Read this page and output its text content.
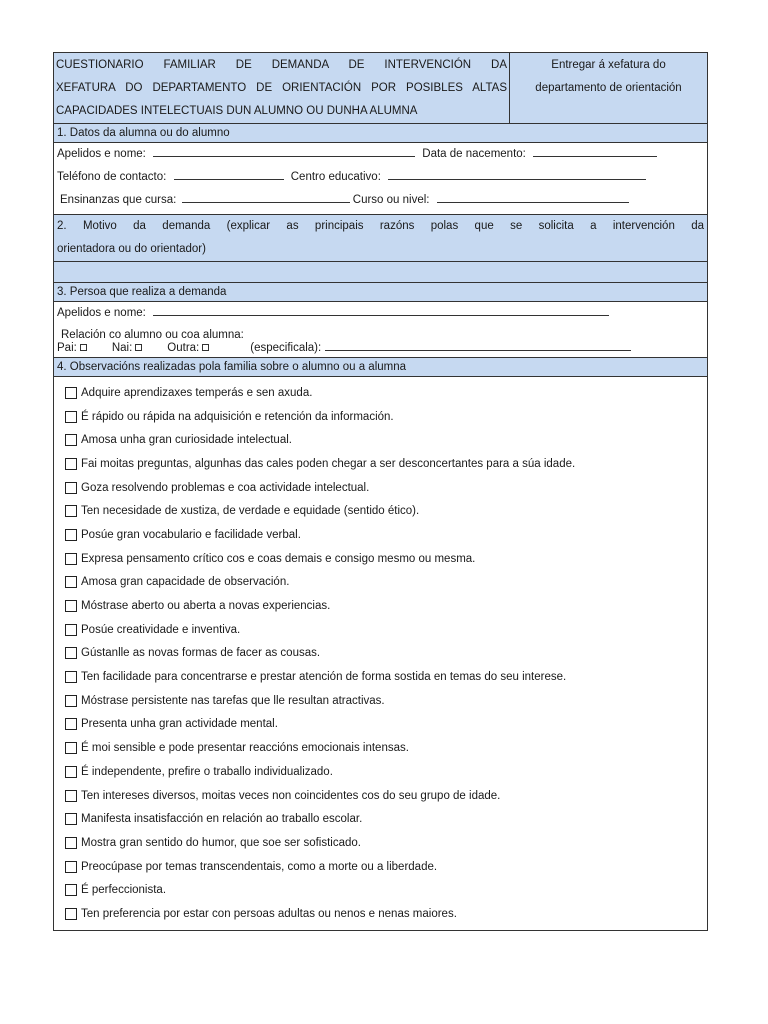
CUESTIONARIO FAMILIAR DE DEMANDA DE INTERVENCIÓN DA
XEFATURA DO DEPARTAMENTO DE ORIENTACIÓN POR POSIBLES ALTAS
CAPACIDADES INTELECTUAIS DUN ALUMNO OU DUNHA ALUMNA
Entregar á xefatura do
departamento de orientación
1. Datos da alumna ou do alumno
Apelidos e nome:	Data de nacemento:
Teléfono de contacto:	Centro educativo:
Ensinanzas que cursa:	Curso ou nivel:
2. Motivo da demanda (explicar as principais razóns polas que se solicita a intervención da
orientadora ou do orientador)
3. Persoa que realiza a demanda
Apelidos e nome:
Relación co alumno ou coa alumna:
Pai:	Nai:	Outra:	(especificala):
4. Observacións realizadas pola familia sobre o alumno ou a alumna
Adquire aprendizaxes temperás e sen axuda.
É rápido ou rápida na adquisición e retención da información.
Amosa unha gran curiosidade intelectual.
Fai moitas preguntas, algunhas das cales poden chegar a ser desconcertantes para a súa idade.
Goza resolvendo problemas e coa actividade intelectual.
Ten necesidade de xustiza, de verdade e equidade (sentido ético).
Posúe gran vocabulario e facilidade verbal.
Expresa pensamento crítico cos e coas demais e consigo mesmo ou mesma.
Amosa gran capacidade de observación.
Móstrase aberto ou aberta a novas experiencias.
Posúe creatividade e inventiva.
Gústanlle as novas formas de facer as cousas.
Ten facilidade para concentrarse e prestar atención de forma sostida en temas do seu interese.
Móstrase persistente nas tarefas que lle resultan atractivas.
Presenta unha gran actividade mental.
É moi sensible e pode presentar reaccións emocionais intensas.
É independente, prefire o traballo individualizado.
Ten intereses diversos, moitas veces non coincidentes cos do seu grupo de idade.
Manifesta insatisfacción en relación ao traballo escolar.
Mostra gran sentido do humor, que soe ser sofisticado.
Preocúpase por temas transcendentais, como a morte ou a liberdade.
É perfeccionista.
Ten preferencia por estar con persoas adultas ou nenos e nenas maiores.
